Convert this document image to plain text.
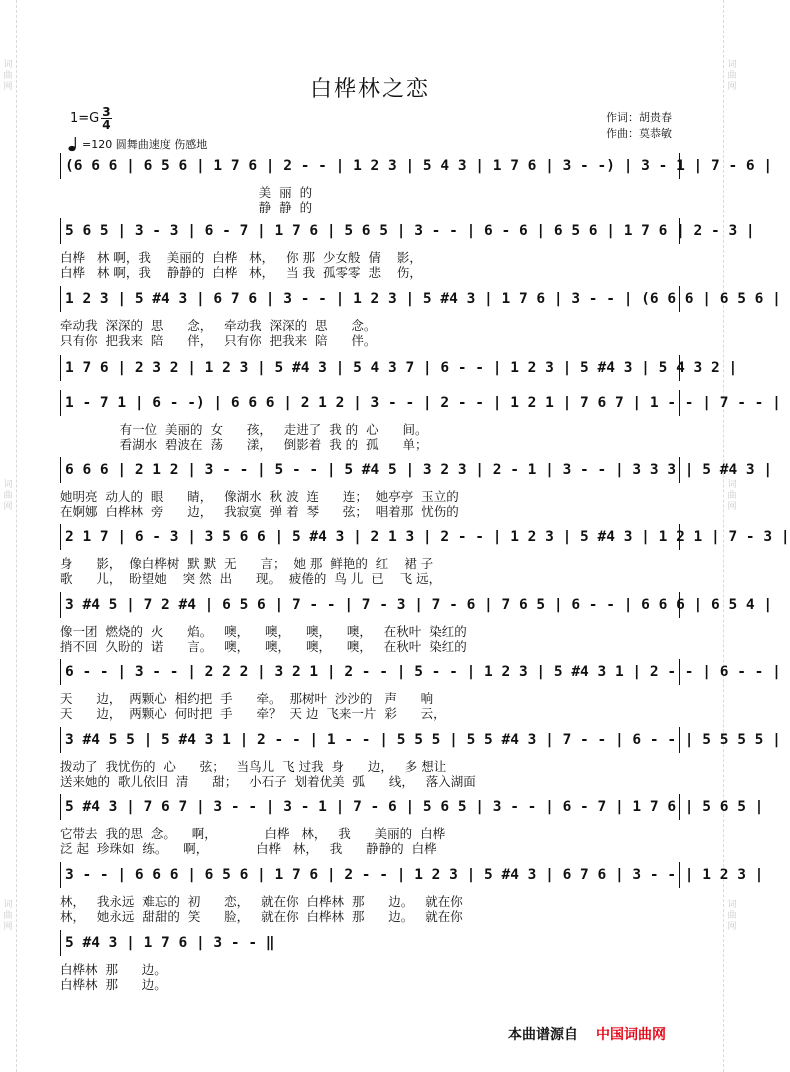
词
曲
网
词
曲
网
词
曲
网
词
曲
网
词
曲
网
词
曲
网
白桦林之恋
$1=G \frac{3}{4}$
=120 圆舞曲速度 伤感地
作词：胡贵春
作曲：莫恭敏
(6 6 6 | 6 5 6 | 1 7 6 | 2 - - | 1 2 3 | 5 4 3 | 1 7 6 | 3 - -) | 3 - 1 | 7 - 6 |
美  丽  的
静  静  的
5 6 5 | 3 - 3 | 6 - 7 | 1 7 6 | 5 6 5 | 3 - - | 6 - 6 | 6 5 6 | 1 7 6 | 2 - 3 |
白桦   林 啊，我    美丽的  白桦   林，   你 那  少女般  倩    影，
白桦   林 啊，我    静静的  白桦   林，   当 我  孤零零  悲    伤，
1 2 3 | 5 #4 3 | 6 7 6 | 3 - - | 1 2 3 | 5 #4 3 | 1 7 6 | 3 - - | (6 6 6 | 6 5 6 |
牵动我  深深的  思      念，   牵动我  深深的  思      念。
只有你  把我来  陪      伴，   只有你  把我来  陪      伴。
1 7 6 | 2 3 2 | 1 2 3 | 5 #4 3 | 5 4 3 7 | 6 - - | 1 2 3 | 5 #4 3 | 5 4 3 2 |
1 - 7 1 | 6 - -) | 6 6 6 | 2 1 2 | 3 - - | 2 - - | 1 2 1 | 7 6 7 | 1 - - | 7 - - |
有一位  美丽的  女      孩，   走进了  我 的  心      间。
看湖水  碧波在  荡      漾，   倒影着  我 的  孤      单；
6 6 6 | 2 1 2 | 3 - - | 5 - - | 5 #4 5 | 3 2 3 | 2 - 1 | 3 - - | 3 3 3 | 5 #4 3 |
她明亮  动人的  眼      睛，   像湖水  秋 波  连      连；  她亭亭  玉立的
在婀娜  白桦林  旁      边，   我寂寞  弹 着  琴      弦；  唱着那  忧伤的
2 1 7 | 6 - 3 | 3 5 6 6 | 5 #4 3 | 2 1 3 | 2 - - | 1 2 3 | 5 #4 3 | 1 2 1 | 7 - 3 |
身      影，  像白桦树  默 默  无      言；  她 那  鲜艳的  红    裙 子
歌      儿，  盼望她    突 然  出      现。  疲倦的  鸟 儿  已    飞 远，
3 #4 5 | 7 2 #4 | 6 5 6 | 7 - - | 7 - 3 | 7 - 6 | 7 6 5 | 6 - - | 6 6 6 | 6 5 4 |
像一团  燃烧的  火      焰。   噢，    噢，    噢，    噢，   在秋叶  染红的
捎不回  久盼的  诺      言。   噢，    噢，    噢，    噢，   在秋叶  染红的
6 - - | 3 - - | 2 2 2 | 3 2 1 | 2 - - | 5 - - | 1 2 3 | 5 #4 3 1 | 2 - - | 6 - - |
天      边，  两颗心  相约把  手      牵。  那树叶  沙沙的   声      响
天      边，  两颗心  何时把  手      牵？  天 边  飞来一片  彩      云，
3 #4 5 5 | 5 #4 3 1 | 2 - - | 1 - - | 5 5 5 | 5 5 #4 3 | 7 - - | 6 - - | 5 5 5 5 |
拨动了  我忧伤的  心      弦；   当鸟儿  飞 过我  身      边，   多 想让
送来她的  歌儿依旧  清      甜；   小石子  划着优美  弧      线，   落入湖面
5 #4 3 | 7 6 7 | 3 - - | 3 - 1 | 7 - 6 | 5 6 5 | 3 - - | 6 - 7 | 1 7 6 | 5 6 5 |
它带去  我的思  念。    啊，            白桦   林，   我      美丽的  白桦
泛 起  珍珠如  练。    啊，            白桦   林，   我      静静的  白桦
3 - - | 6 6 6 | 6 5 6 | 1 7 6 | 2 - - | 1 2 3 | 5 #4 3 | 6 7 6 | 3 - - | 1 2 3 |
林，   我永远  难忘的  初      恋，   就在你  白桦林  那      边。   就在你
林，   她永远  甜甜的  笑      脸，   就在你  白桦林  那      边。   就在你
5 #4 3 | 1 7 6 | 3 - - ‖
白桦林  那      边。
白桦林  那      边。
本曲谱源自 中国词曲网
